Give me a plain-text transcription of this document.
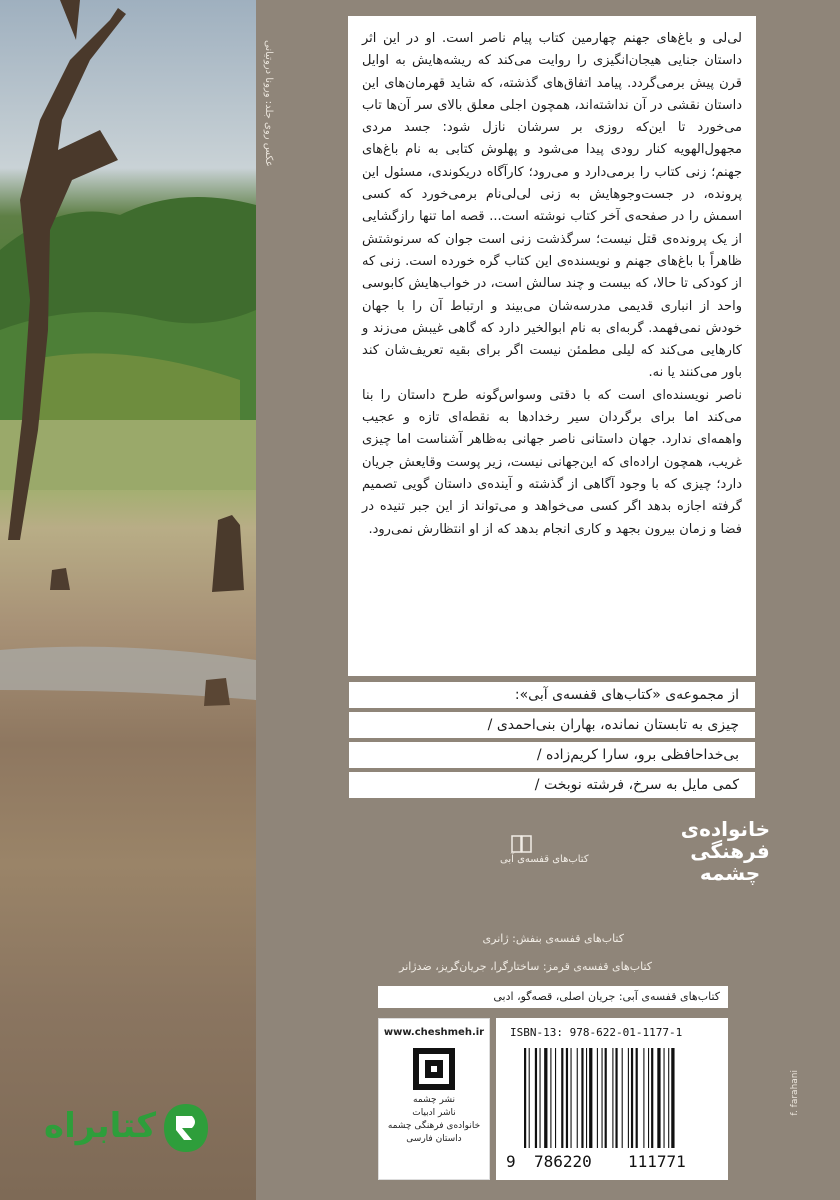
عکس روی جلد: ورونا دروتیانی

لی‌لی و باغ‌های جهنم چهارمین کتاب پیام ناصر است. او در این اثر داستان جنایی هیجان‌انگیزی را روایت می‌کند که ریشه‌هایش به اوایل قرن پیش برمی‌گردد. پیامد اتفاق‌های گذشته، که شاید قهرمان‌های این داستان نقشی در آن نداشته‌اند، همچون اجلی معلق بالای سر آن‌ها تاب می‌خورد تا این‌که روزی بر سرشان نازل شود: جسد مردی مجهول‌الهویه کنار رودی پیدا می‌شود و پهلوش کتابی به نام باغ‌های جهنم؛ زنی کتاب را برمی‌دارد و می‌رود؛ کارآگاه دریکوندی، مسئول این پرونده، در جست‌وجوهایش به زنی لی‌لی‌نام برمی‌خورد که کسی اسمش را در صفحه‌ی آخر کتاب نوشته است... قصه اما تنها رازگشایی از یک پرونده‌ی قتل نیست؛ سرگذشت زنی است جوان که سرنوشتش ظاهراً با باغ‌های جهنم و نویسنده‌ی این کتاب گره خورده است. زنی که از کودکی تا حالا، که بیست و چند سالش است، در خواب‌هایش کابوسی واحد از انباری قدیمی مدرسه‌شان می‌بیند و ارتباط آن را با جهان خودش نمی‌فهمد. گربه‌ای به نام ابوالخیر دارد که گاهی غیبش می‌زند و کارهایی می‌کند که لیلی مطمئن نیست اگر برای بقیه تعریف‌شان کند باور می‌کنند یا نه.

ناصر نویسنده‌ای است که با دقتی وسواس‌گونه طرح داستان را بنا می‌کند اما برای برگردان سیر رخدادها به نقطه‌ای تازه و عجیب واهمه‌ای ندارد. جهان داستانی ناصر جهانی به‌ظاهر آشناست اما چیزی غریب، همچون اراده‌ای که این‌جهانی نیست، زیر پوست وقایعش جریان دارد؛ چیزی که با وجود آگاهی از گذشته و آینده‌ی داستان گویی تصمیم گرفته اجازه بدهد اگر کسی می‌خواهد و می‌تواند از این جبر تنیده در فضا و زمان بیرون بجهد و کاری انجام بدهد که از او انتظارش نمی‌رود.

از مجموعه‌ی «کتاب‌های قفسه‌ی آبی»:
چیزی به تابستان نمانده، بهاران بنی‌احمدی /
بی‌خداحافظی برو، سارا کریم‌زاده /
کمی مایل به سرخ، فرشته نوبخت /
کتاب‌های قفسه‌ی آبی
خانواده‌ی
فرهنگی
چشمه
کتاب‌های قفسه‌ی بنفش: ژانری
کتاب‌های قفسه‌ی قرمز: ساختارگرا، جریان‌گریز، ضدژانر
کتاب‌های قفسه‌ی آبی: جریان اصلی، قصه‌گو، ادبی
www.cheshmeh.ir
نشر چشمه
ناشر ادبیات
خانواده‌ی فرهنگی چشمه
داستان فارسی
ISBN-13: 978-622-01-1177-1
9 786220 111771
f. farahani
کتابراه
